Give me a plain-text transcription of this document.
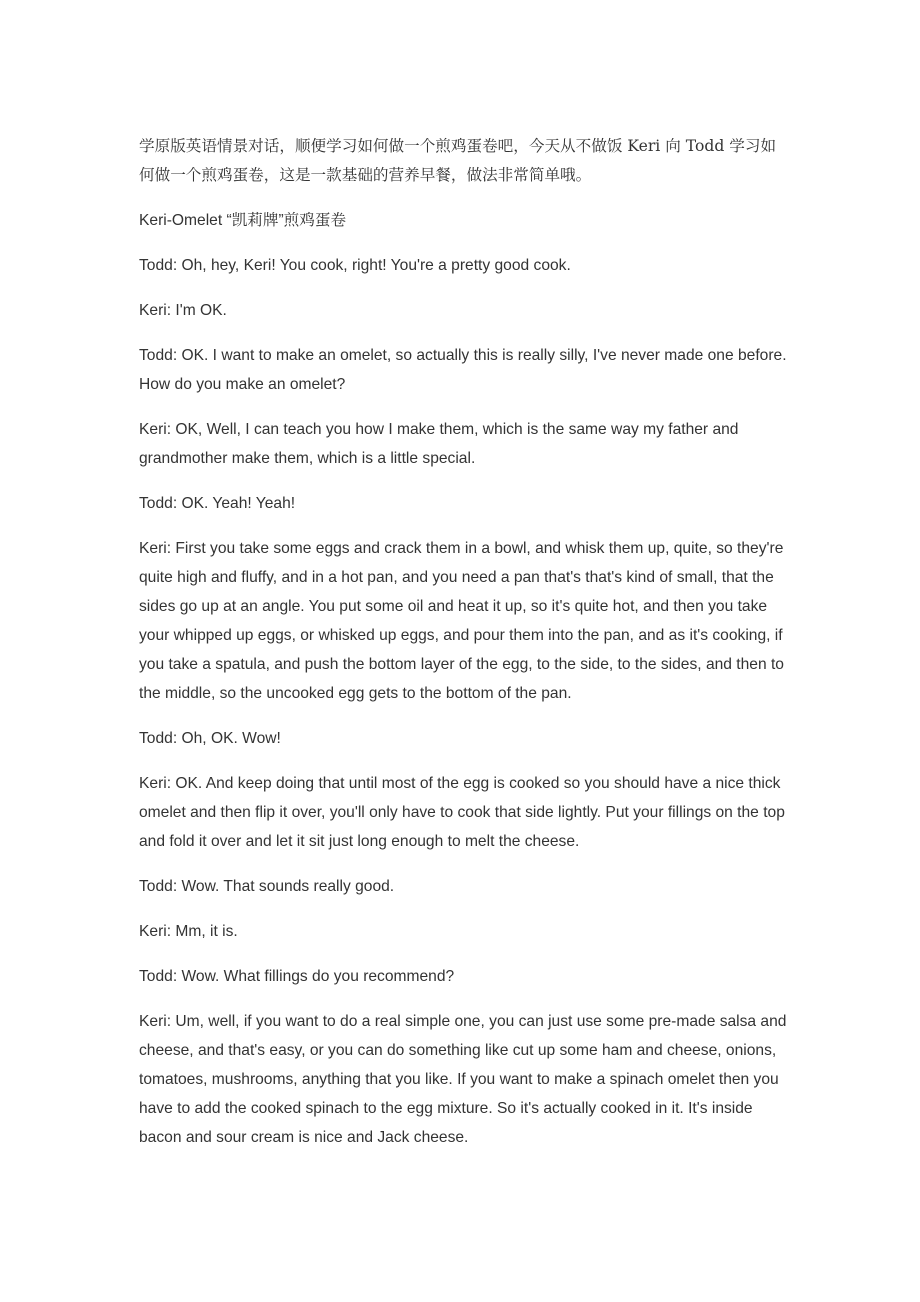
学原版英语情景对话，顺便学习如何做一个煎鸡蛋卷吧，今天从不做饭 Keri 向 Todd 学习如何做一个煎鸡蛋卷，这是一款基础的营养早餐，做法非常简单哦。

Keri-Omelet “凯莉牌”煎鸡蛋卷

Todd: Oh, hey, Keri! You cook, right! You're a pretty good cook.

Keri: I'm OK.

Todd: OK. I want to make an omelet, so actually this is really silly, I've never made one before. How do you make an omelet?

Keri: OK, Well, I can teach you how I make them, which is the same way my father and grandmother make them, which is a little special.

Todd: OK. Yeah! Yeah!

Keri: First you take some eggs and crack them in a bowl, and whisk them up, quite, so they're quite high and fluffy, and in a hot pan, and you need a pan that's that's kind of small, that the sides go up at an angle. You put some oil and heat it up, so it's quite hot, and then you take your whipped up eggs, or whisked up eggs, and pour them into the pan, and as it's cooking, if you take a spatula, and push the bottom layer of the egg, to the side, to the sides, and then to the middle, so the uncooked egg gets to the bottom of the pan.

Todd: Oh, OK. Wow!

Keri: OK. And keep doing that until most of the egg is cooked so you should have a nice thick omelet and then flip it over, you'll only have to cook that side lightly. Put your fillings on the top and fold it over and let it sit just long enough to melt the cheese.

Todd: Wow. That sounds really good.

Keri: Mm, it is.

Todd: Wow. What fillings do you recommend?

Keri: Um, well, if you want to do a real simple one, you can just use some pre-made salsa and cheese, and that's easy, or you can do something like cut up some ham and cheese, onions, tomatoes, mushrooms, anything that you like. If you want to make a spinach omelet then you have to add the cooked spinach to the egg mixture. So it's actually cooked in it. It's inside bacon and sour cream is nice and Jack cheese.
